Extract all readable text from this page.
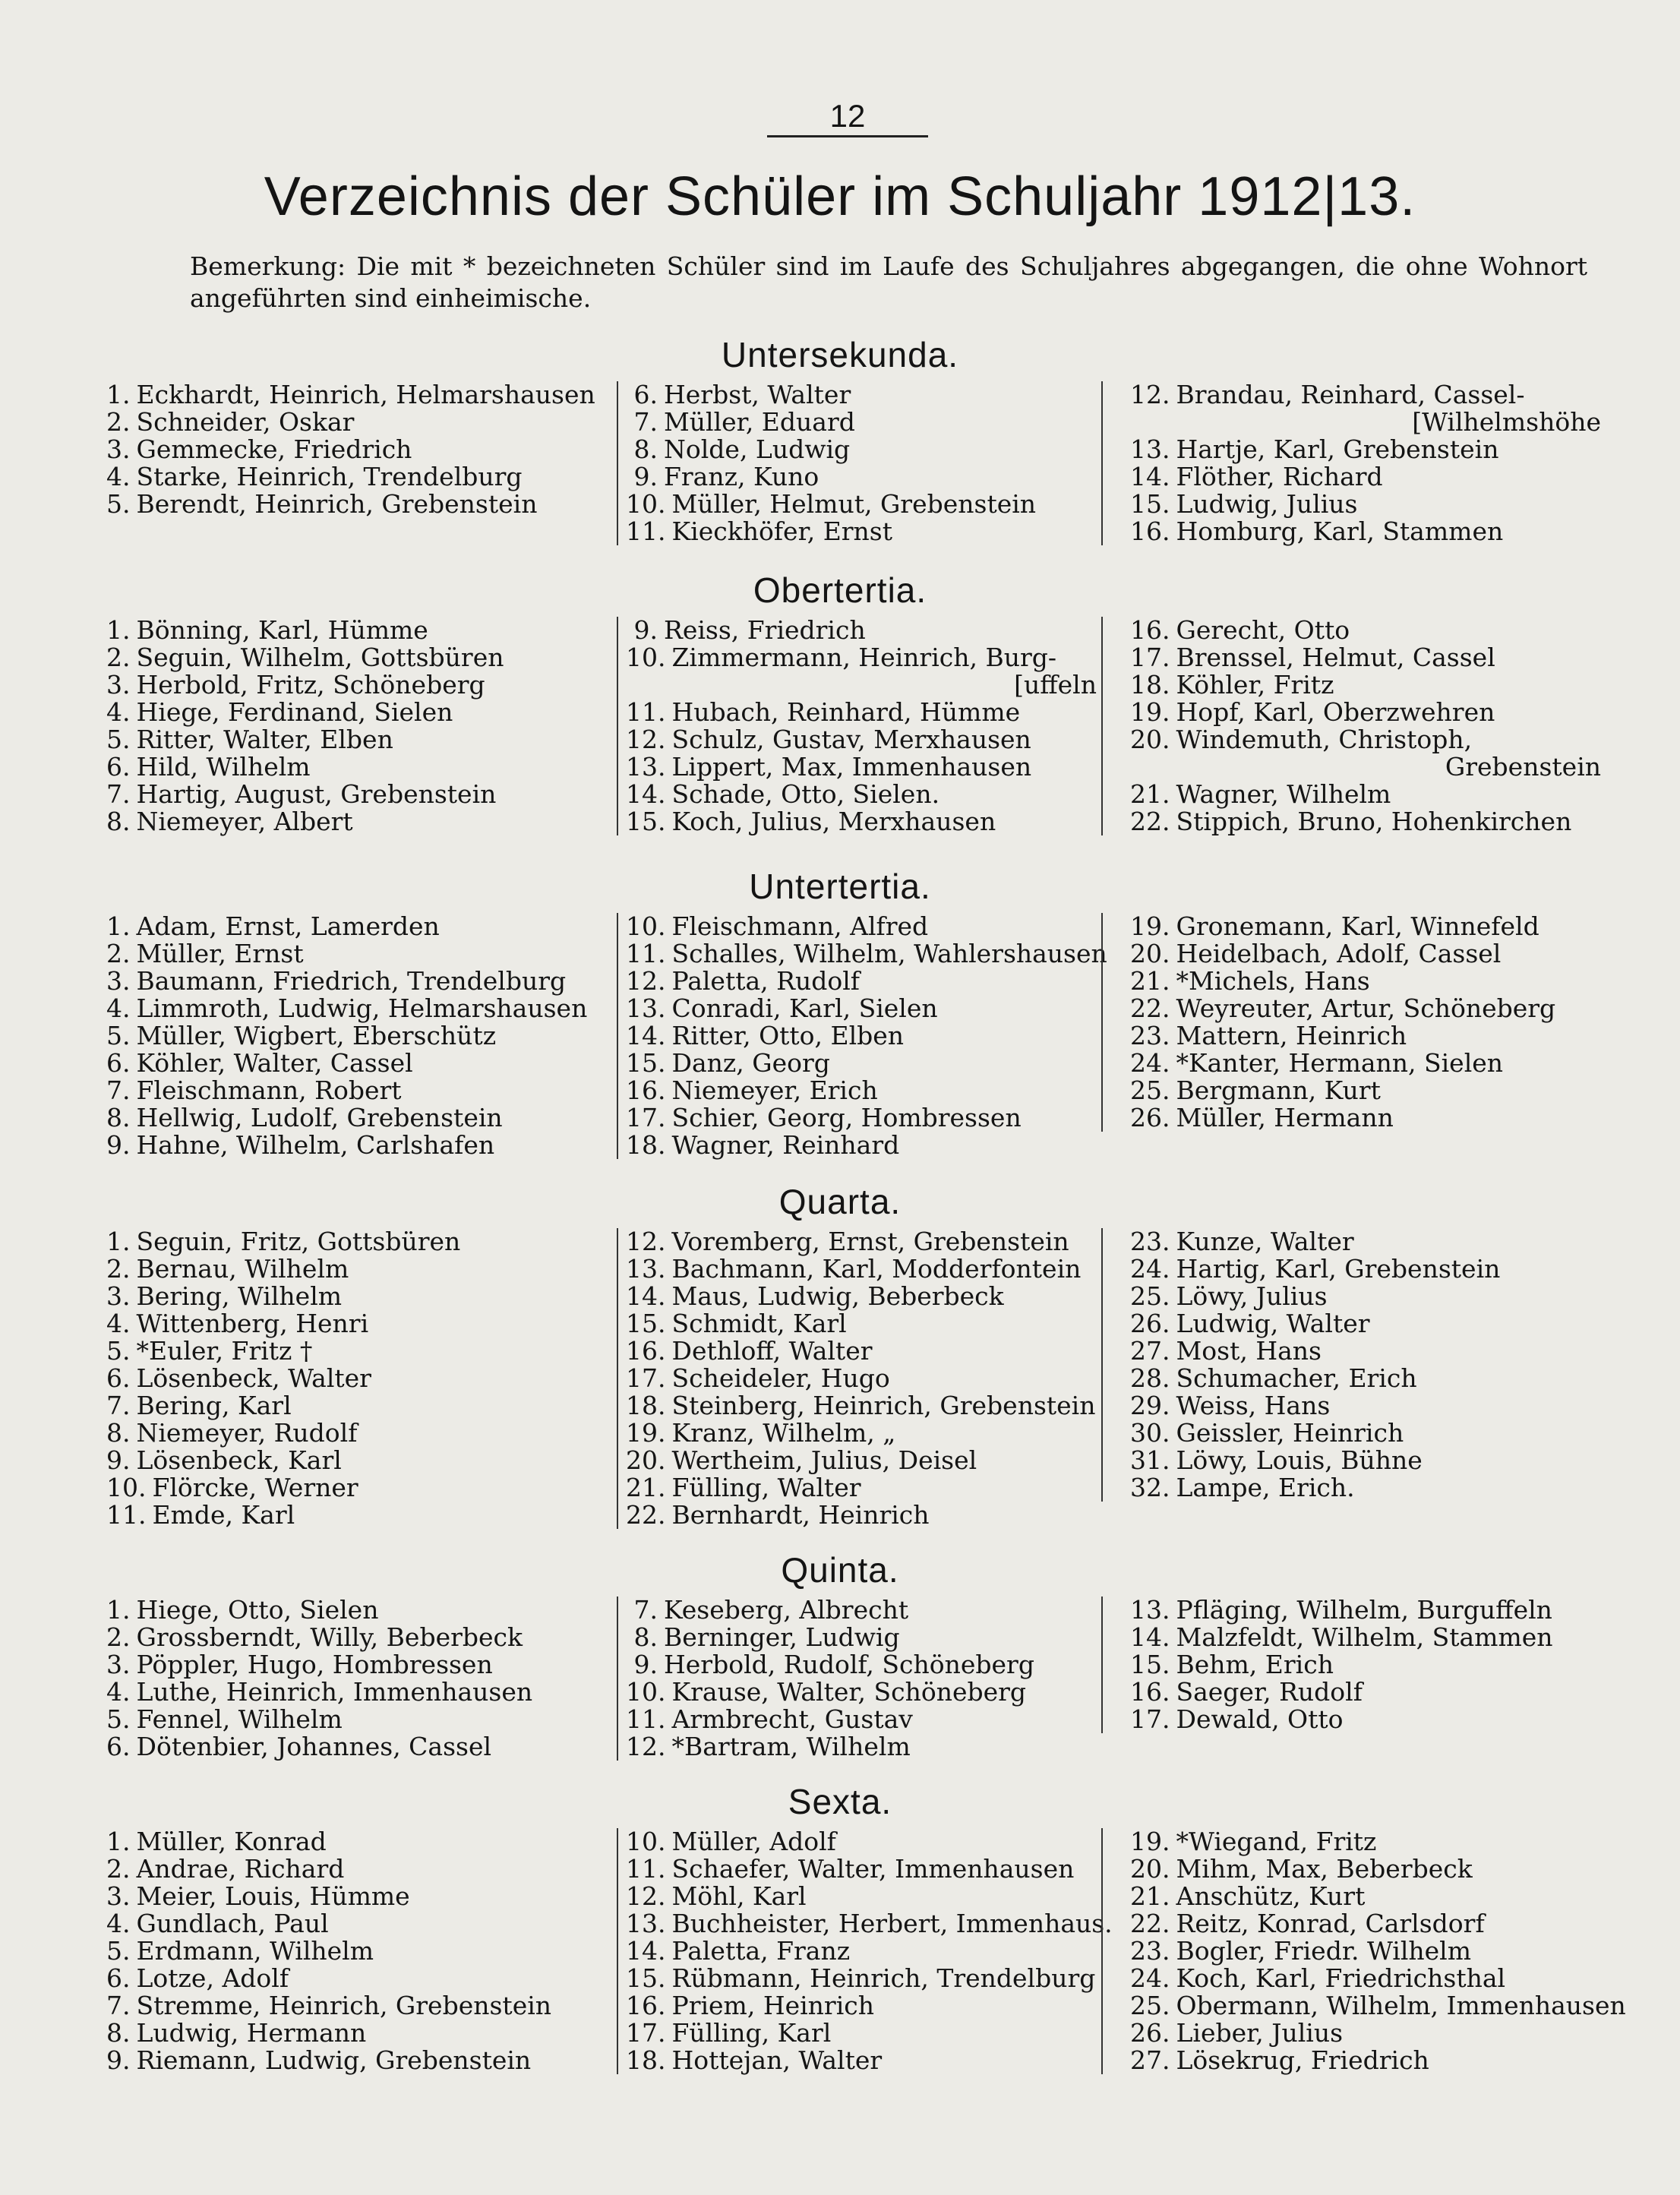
12
Verzeichnis der Schüler im Schuljahr 1912|13.
Bemerkung: Die mit * bezeichneten Schüler sind im Laufe des Schuljahres abgegangen, die ohne Wohnort angeführten sind einheimische.
Untersekunda.
1. Eckhardt, Heinrich, Helmarshausen
2. Schneider, Oskar
3. Gemmecke, Friedrich
4. Starke, Heinrich, Trendelburg
5. Berendt, Heinrich, Grebenstein
6. Herbst, Walter
7. Müller, Eduard
8. Nolde, Ludwig
9. Franz, Kuno
10. Müller, Helmut, Grebenstein
11. Kieckhöfer, Ernst
12. Brandau, Reinhard, Cassel-
[Wilhelmshöhe
13. Hartje, Karl, Grebenstein
14. Flöther, Richard
15. Ludwig, Julius
16. Homburg, Karl, Stammen
Obertertia.
1. Bönning, Karl, Hümme
2. Seguin, Wilhelm, Gottsbüren
3. Herbold, Fritz, Schöneberg
4. Hiege, Ferdinand, Sielen
5. Ritter, Walter, Elben
6. Hild, Wilhelm
7. Hartig, August, Grebenstein
8. Niemeyer, Albert
9. Reiss, Friedrich
10. Zimmermann, Heinrich, Burg-
[uffeln
11. Hubach, Reinhard, Hümme
12. Schulz, Gustav, Merxhausen
13. Lippert, Max, Immenhausen
14. Schade, Otto, Sielen.
15. Koch, Julius, Merxhausen
16. Gerecht, Otto
17. Brenssel, Helmut, Cassel
18. Köhler, Fritz
19. Hopf, Karl, Oberzwehren
20. Windemuth, Christoph,
Grebenstein
21. Wagner, Wilhelm
22. Stippich, Bruno, Hohenkirchen
Untertertia.
1. Adam, Ernst, Lamerden
2. Müller, Ernst
3. Baumann, Friedrich, Trendelburg
4. Limmroth, Ludwig, Helmarshausen
5. Müller, Wigbert, Eberschütz
6. Köhler, Walter, Cassel
7. Fleischmann, Robert
8. Hellwig, Ludolf, Grebenstein
9. Hahne, Wilhelm, Carlshafen
10. Fleischmann, Alfred
11. Schalles, Wilhelm, Wahlershausen
12. Paletta, Rudolf
13. Conradi, Karl, Sielen
14. Ritter, Otto, Elben
15. Danz, Georg
16. Niemeyer, Erich
17. Schier, Georg, Hombressen
18. Wagner, Reinhard
19. Gronemann, Karl, Winnefeld
20. Heidelbach, Adolf, Cassel
21. *Michels, Hans
22. Weyreuter, Artur, Schöneberg
23. Mattern, Heinrich
24. *Kanter, Hermann, Sielen
25. Bergmann, Kurt
26. Müller, Hermann
Quarta.
1. Seguin, Fritz, Gottsbüren
2. Bernau, Wilhelm
3. Bering, Wilhelm
4. Wittenberg, Henri
5. *Euler, Fritz †
6. Lösenbeck, Walter
7. Bering, Karl
8. Niemeyer, Rudolf
9. Lösenbeck, Karl
10. Flörcke, Werner
11. Emde, Karl
12. Voremberg, Ernst, Grebenstein
13. Bachmann, Karl, Modderfontein
14. Maus, Ludwig, Beberbeck
15. Schmidt, Karl
16. Dethloff, Walter
17. Scheideler, Hugo
18. Steinberg, Heinrich, Grebenstein
19. Kranz, Wilhelm, „
20. Wertheim, Julius, Deisel
21. Fülling, Walter
22. Bernhardt, Heinrich
23. Kunze, Walter
24. Hartig, Karl, Grebenstein
25. Löwy, Julius
26. Ludwig, Walter
27. Most, Hans
28. Schumacher, Erich
29. Weiss, Hans
30. Geissler, Heinrich
31. Löwy, Louis, Bühne
32. Lampe, Erich.
Quinta.
1. Hiege, Otto, Sielen
2. Grossberndt, Willy, Beberbeck
3. Pöppler, Hugo, Hombressen
4. Luthe, Heinrich, Immenhausen
5. Fennel, Wilhelm
6. Dötenbier, Johannes, Cassel
7. Keseberg, Albrecht
8. Berninger, Ludwig
9. Herbold, Rudolf, Schöneberg
10. Krause, Walter, Schöneberg
11. Armbrecht, Gustav
12. *Bartram, Wilhelm
13. Pfläging, Wilhelm, Burguffeln
14. Malzfeldt, Wilhelm, Stammen
15. Behm, Erich
16. Saeger, Rudolf
17. Dewald, Otto
Sexta.
1. Müller, Konrad
2. Andrae, Richard
3. Meier, Louis, Hümme
4. Gundlach, Paul
5. Erdmann, Wilhelm
6. Lotze, Adolf
7. Stremme, Heinrich, Grebenstein
8. Ludwig, Hermann
9. Riemann, Ludwig, Grebenstein
10. Müller, Adolf
11. Schaefer, Walter, Immenhausen
12. Möhl, Karl
13. Buchheister, Herbert, Immenhaus.
14. Paletta, Franz
15. Rübmann, Heinrich, Trendelburg
16. Priem, Heinrich
17. Fülling, Karl
18. Hottejan, Walter
19. *Wiegand, Fritz
20. Mihm, Max, Beberbeck
21. Anschütz, Kurt
22. Reitz, Konrad, Carlsdorf
23. Bogler, Friedr. Wilhelm
24. Koch, Karl, Friedrichsthal
25. Obermann, Wilhelm, Immenhausen
26. Lieber, Julius
27. Lösekrug, Friedrich
